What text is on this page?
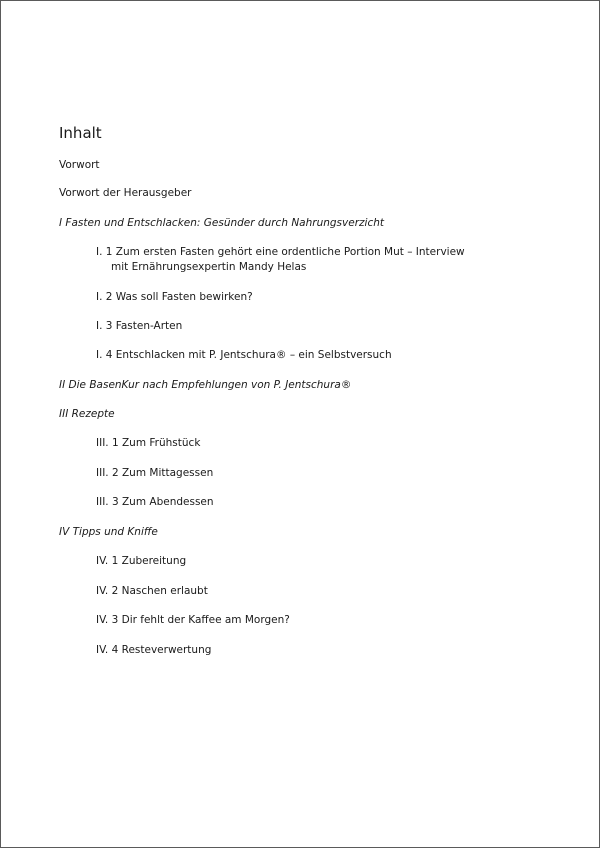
Inhalt
Vorwort
Vorwort der Herausgeber
I Fasten und Entschlacken: Gesünder durch Nahrungsverzicht
I. 1 Zum ersten Fasten gehört eine ordentliche Portion Mut – Interview
mit Ernährungsexpertin Mandy Helas
I. 2 Was soll Fasten bewirken?
I. 3 Fasten-Arten
I. 4 Entschlacken mit P. Jentschura® – ein Selbstversuch
II Die BasenKur nach Empfehlungen von P. Jentschura®
III Rezepte
III. 1 Zum Frühstück
III. 2 Zum Mittagessen
III. 3 Zum Abendessen
IV Tipps und Kniffe
IV. 1 Zubereitung
IV. 2 Naschen erlaubt
IV. 3 Dir fehlt der Kaffee am Morgen?
IV. 4 Resteverwertung
